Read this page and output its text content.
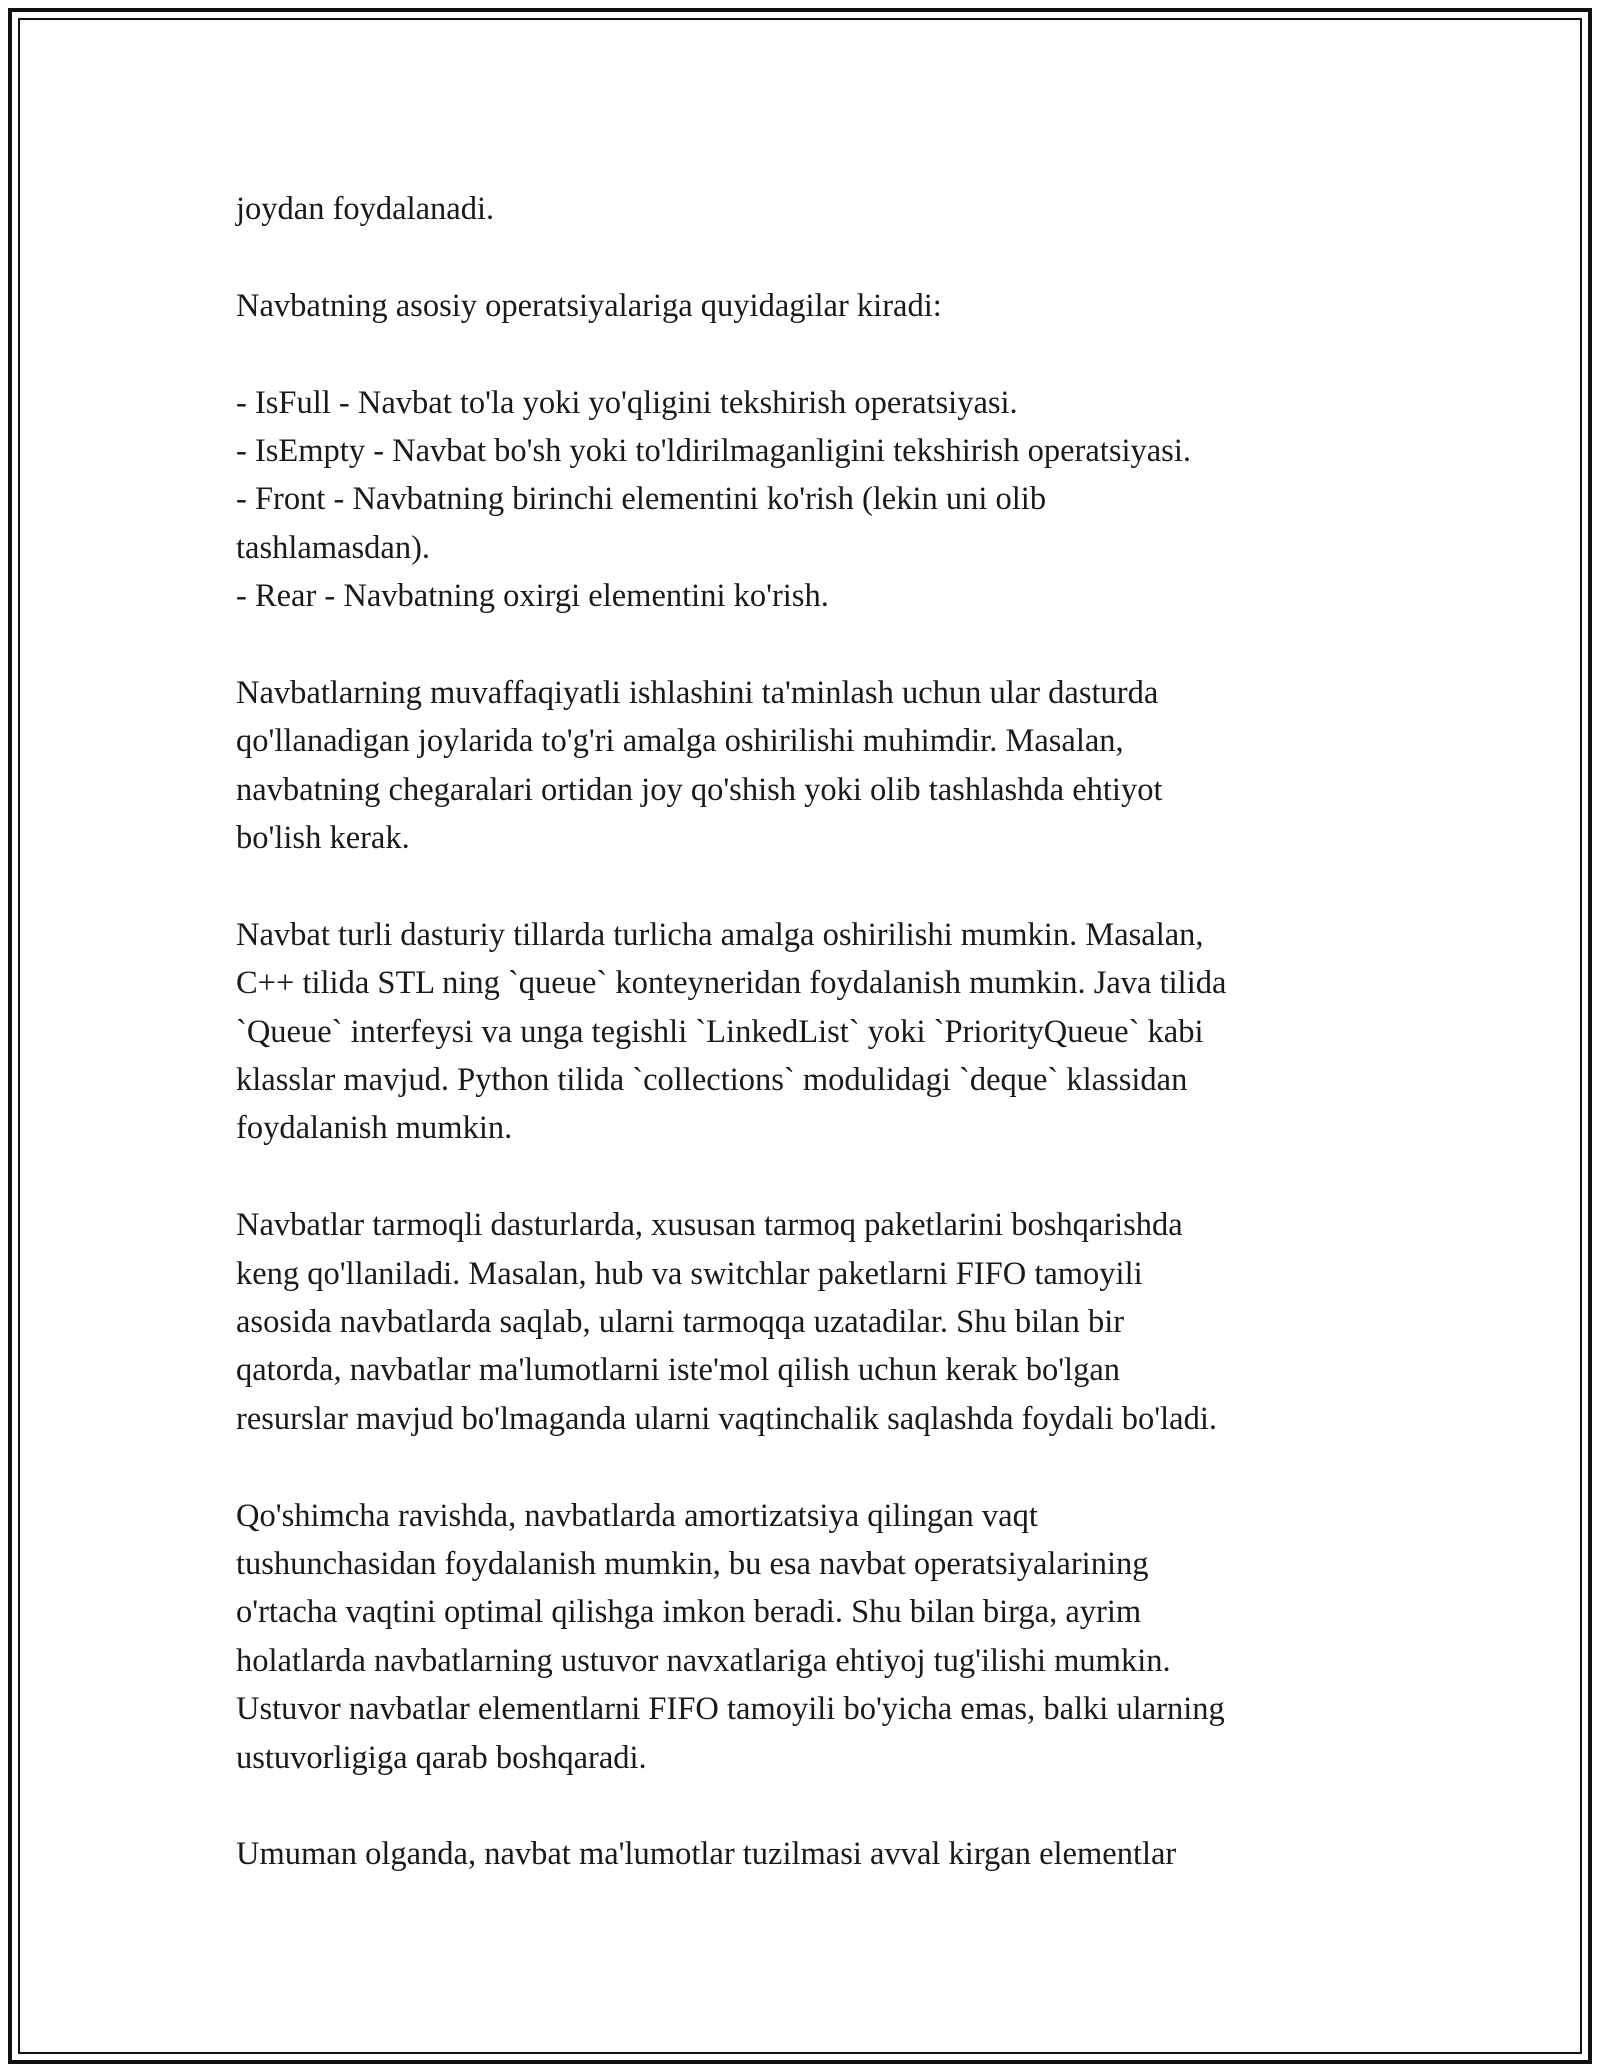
joydan foydalanadi.

Navbatning asosiy operatsiyalariga quyidagilar kiradi:

- IsFull - Navbat to'la yoki yo'qligini tekshirish operatsiyasi.
- IsEmpty - Navbat bo'sh yoki to'ldirilmaganligini tekshirish operatsiyasi.
- Front - Navbatning birinchi elementini ko'rish (lekin uni olib
tashlamasdan).
- Rear - Navbatning oxirgi elementini ko'rish.

Navbatlarning muvaffaqiyatli ishlashini ta'minlash uchun ular dasturda
qo'llanadigan joylarida to'g'ri amalga oshirilishi muhimdir. Masalan,
navbatning chegaralari ortidan joy qo'shish yoki olib tashlashda ehtiyot
bo'lish kerak.

Navbat turli dasturiy tillarda turlicha amalga oshirilishi mumkin. Masalan,
C++ tilida STL ning `queue` konteyneridan foydalanish mumkin. Java tilida
`Queue` interfeysi va unga tegishli `LinkedList` yoki `PriorityQueue` kabi
klasslar mavjud. Python tilida `collections` modulidagi `deque` klassidan
foydalanish mumkin.

Navbatlar tarmoqli dasturlarda, xususan tarmoq paketlarini boshqarishda
keng qo'llaniladi. Masalan, hub va switchlar paketlarni FIFO tamoyili
asosida navbatlarda saqlab, ularni tarmoqqa uzatadilar. Shu bilan bir
qatorda, navbatlar ma'lumotlarni iste'mol qilish uchun kerak bo'lgan
resurslar mavjud bo'lmaganda ularni vaqtinchalik saqlashda foydali bo'ladi.

Qo'shimcha ravishda, navbatlarda amortizatsiya qilingan vaqt
tushunchasidan foydalanish mumkin, bu esa navbat operatsiyalarining
o'rtacha vaqtini optimal qilishga imkon beradi. Shu bilan birga, ayrim
holatlarda navbatlarning ustuvor navxatlariga ehtiyoj tug'ilishi mumkin.
Ustuvor navbatlar elementlarni FIFO tamoyili bo'yicha emas, balki ularning
ustuvorligiga qarab boshqaradi.

Umuman olganda, navbat ma'lumotlar tuzilmasi avval kirgan elementlar
